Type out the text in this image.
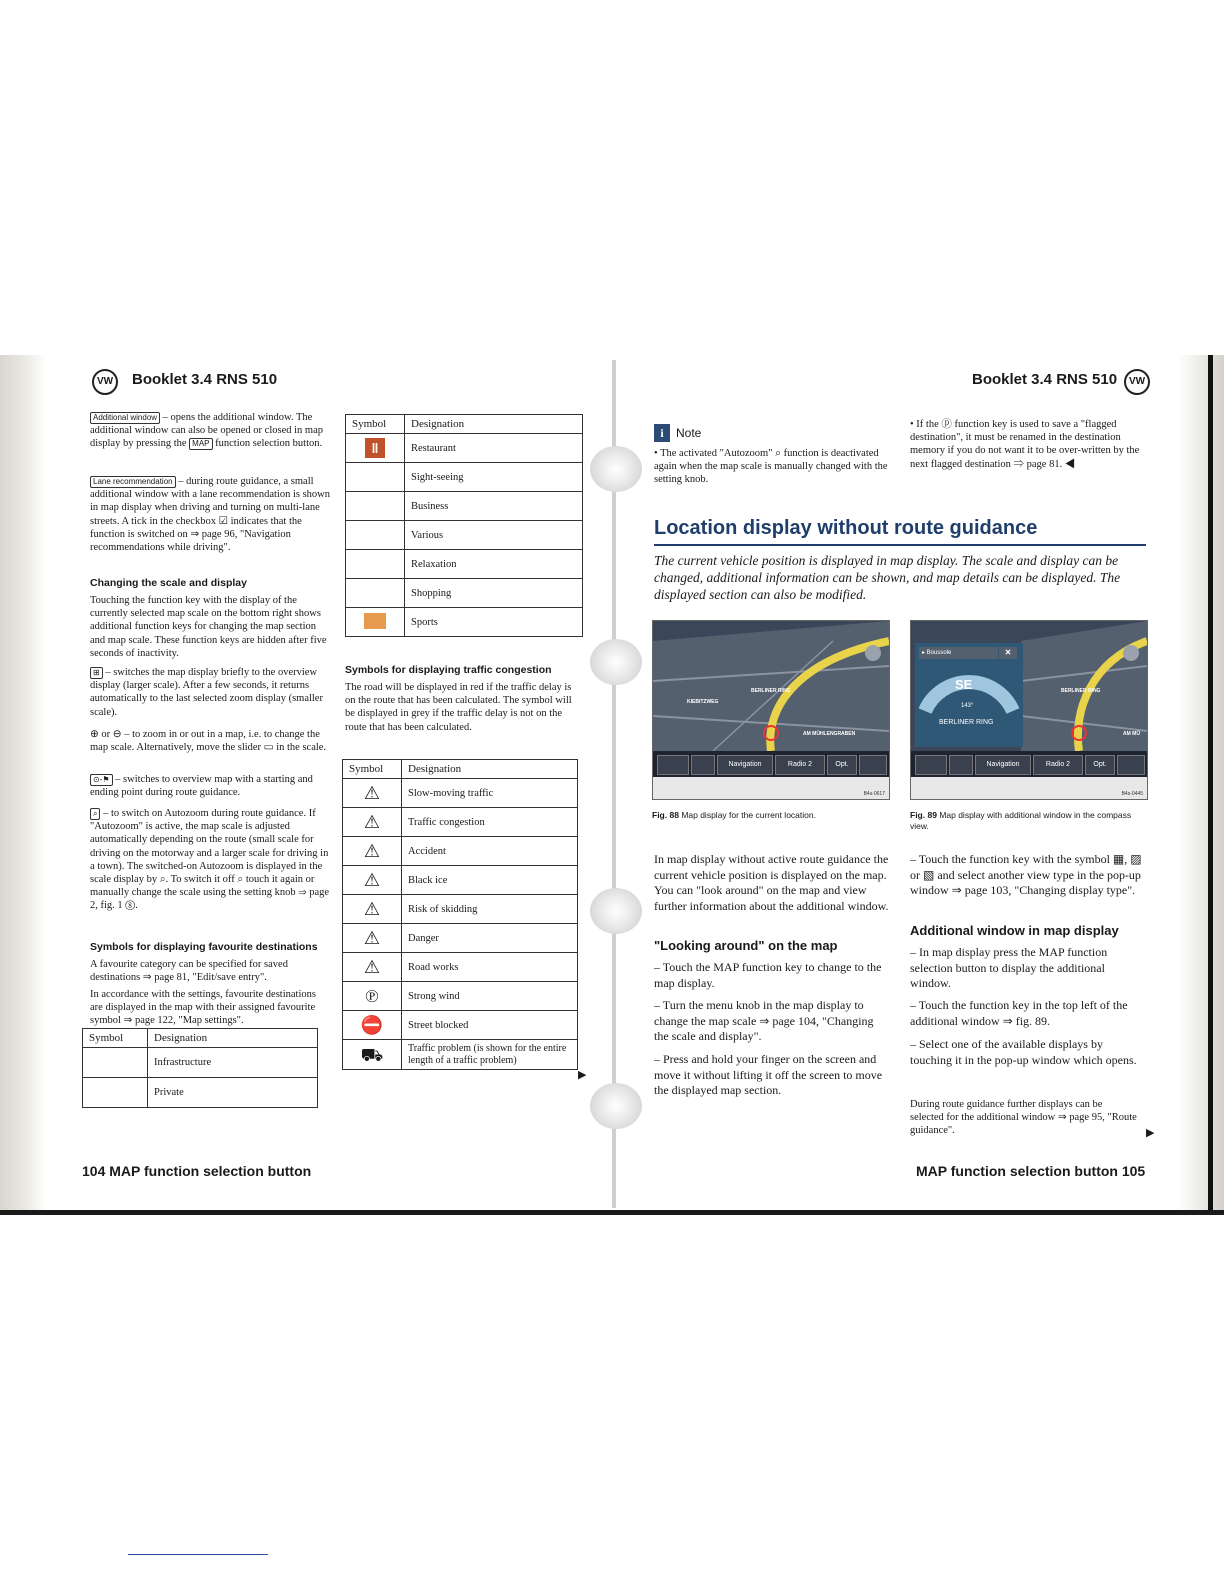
VW	Booklet 3.4 RNS 510

Additional window – opens the additional window. The additional window can also be opened or closed in map display by pressing the MAP function selection button.

Lane recommendation – during route guidance, a small additional window with a lane recommendation is shown in map display when driving and turning on multi-lane streets. A tick in the checkbox ☑ indicates that the function is switched on ⇒ page 96, "Navigation recommendations while driving".

Changing the scale and display

Touching the function key with the display of the currently selected map scale on the bottom right shows additional function keys for changing the map section and map scale. These function keys are hidden after five seconds of inactivity.

⊞ – switches the map display briefly to the overview display (larger scale). After a few seconds, it returns automatically to the last selected zoom display (smaller scale).

⊕ or ⊖ – to zoom in or out in a map, i.e. to change the map scale. Alternatively, move the slider ▭ in the scale.

⊙-⚑ – switches to overview map with a starting and ending point during route guidance.

⌕ – to switch on Autozoom during route guidance. If "Autozoom" is active, the map scale is adjusted automatically depending on the route (small scale for driving on the motorway and a larger scale for driving in a town). The switched-on Autozoom is displayed in the scale display by ⌕. To switch it off ⌕ touch it again or manually change the scale using the setting knob ⇒ page 2, fig. 1 ⑧.

Symbols for displaying favourite destinations

A favourite category can be specified for saved destinations ⇒ page 81, "Edit/save entry".

In accordance with the settings, favourite destinations are displayed in the map with their assigned favourite symbol ⇒ page 122, "Map settings".

Symbol	Designation
	Infrastructure
	Private
Symbol	Designation
‖	Restaurant
	Sight-seeing
	Business
	Various
	Relaxation
	Shopping
	Sports

Symbols for displaying traffic congestion

The road will be displayed in red if the traffic delay is on the route that has been calculated. The symbol will be displayed in grey if the traffic delay is not on the route that has been calculated.

Symbol	Designation
⚠	Slow-moving traffic
⚠	Traffic congestion
⚠	Accident
⚠	Black ice
⚠	Risk of skidding
⚠	Danger
⚠	Road works
℗	Strong wind
⛔	Street blocked
⛟	Traffic problem (is shown for the entire length of a traffic problem)
▶
104 MAP function selection button
Booklet 3.4 RNS 510	VW
i	Note

• The activated "Autozoom" ⌕ function is deactivated again when the map scale is manually changed with the setting knob.

• If the ⓟ function key is used to save a "flagged destination", it must be renamed in the destination memory if you do not want it to be over-written by the next flagged destination ⇒ page 81. ◀

Location display without route guidance

The current vehicle position is displayed in map display. The scale and display can be changed, additional information can be shown, and map details can be displayed. The displayed section can also be modified.

BERLINER RING
AM MÜHLENGRABEN
KIEBITZWEG
Navigation	Radio 2	Opt.
B4s-0617

Fig. 88 Map display for the current location.

▸ Boussole	✕
SE
143°
BERLINER RING
BERLINER RING
AM MÜ
Navigation	Radio 2	Opt.
B4s-0445

Fig. 89 Map display with additional window in the compass view.

In map display without active route guidance the current vehicle position is displayed on the map. You can "look around" on the map and view further information about the additional window.

"Looking around" on the map

– Touch the MAP function key to change to the map display.

– Turn the menu knob in the map display to change the map scale ⇒ page 104, "Changing the scale and display".

– Press and hold your finger on the screen and move it without lifting it off the screen to move the displayed map section.

– Touch the function key with the symbol ▦, ▨ or ▧ and select another view type in the pop-up window ⇒ page 103, "Changing display type".

Additional window in map display

– In map display press the MAP function selection button to display the additional window.

– Touch the function key in the top left of the additional window ⇒ fig. 89.

– Select one of the available displays by touching it in the pop-up window which opens.

During route guidance further displays can be selected for the additional window ⇒ page 95, "Route guidance".	▶
MAP function selection button 105
